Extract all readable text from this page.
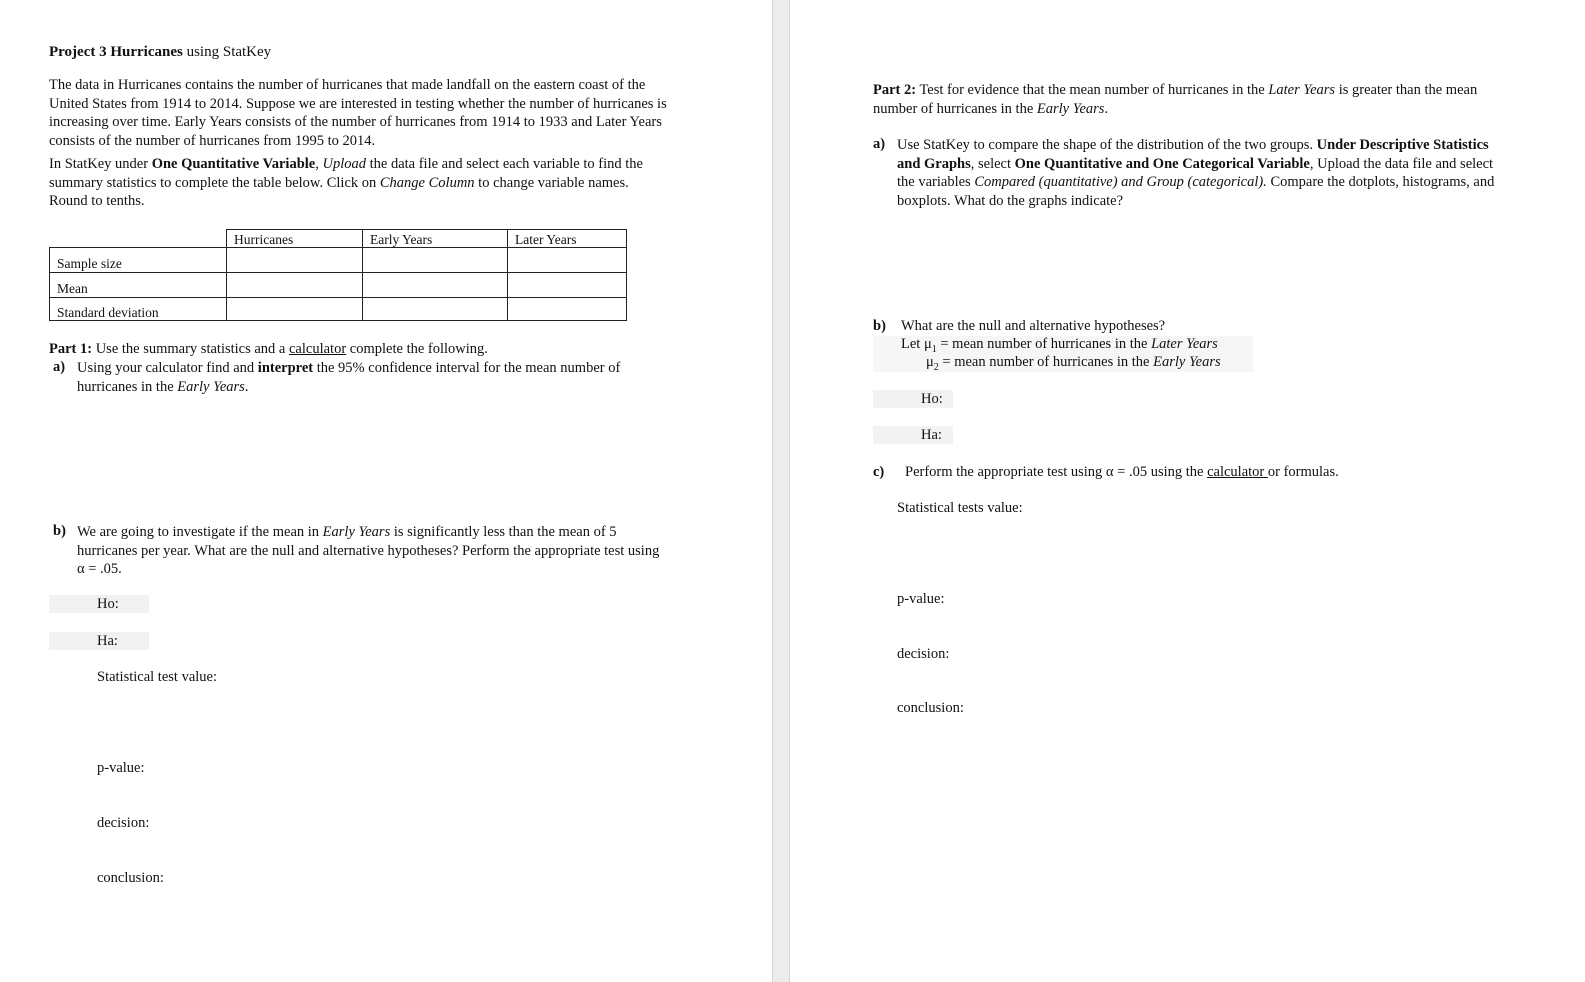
Project 3 Hurricanes using StatKey
The data in Hurricanes contains the number of hurricanes that made landfall on the eastern coast of the United States from 1914 to 2014. Suppose we are interested in testing whether the number of hurricanes is increasing over time. Early Years consists of the number of hurricanes from 1914 to 1933 and Later Years consists of the number of hurricanes from 1995 to 2014.
In StatKey under One Quantitative Variable, Upload the data file and select each variable to find the summary statistics to complete the table below. Click on Change Column to change variable names. Round to tenths.
Hurricanes	Early Years	Later Years
Sample size
Mean
Standard deviation
Part 1: Use the summary statistics and a calculator complete the following.
a) Using your calculator find and interpret the 95% confidence interval for the mean number of hurricanes in the Early Years.
b) We are going to investigate if the mean in Early Years is significantly less than the mean of 5 hurricanes per year. What are the null and alternative hypotheses? Perform the appropriate test using α = .05.
Ho:
Ha:
Statistical test value:
p-value:
decision:
conclusion:
Part 2: Test for evidence that the mean number of hurricanes in the Later Years is greater than the mean number of hurricanes in the Early Years.
a) Use StatKey to compare the shape of the distribution of the two groups. Under Descriptive Statistics and Graphs, select One Quantitative and One Categorical Variable, Upload the data file and select the variables Compared (quantitative) and Group (categorical). Compare the dotplots, histograms, and boxplots. What do the graphs indicate?
b) What are the null and alternative hypotheses?
Let $\mu_1$ = mean number of hurricanes in the Later Years
$\mu_2$ = mean number of hurricanes in the Early Years
Ho:
Ha:
c) Perform the appropriate test using α = .05 using the calculator or formulas.
Statistical tests value:
p-value:
decision:
conclusion:
